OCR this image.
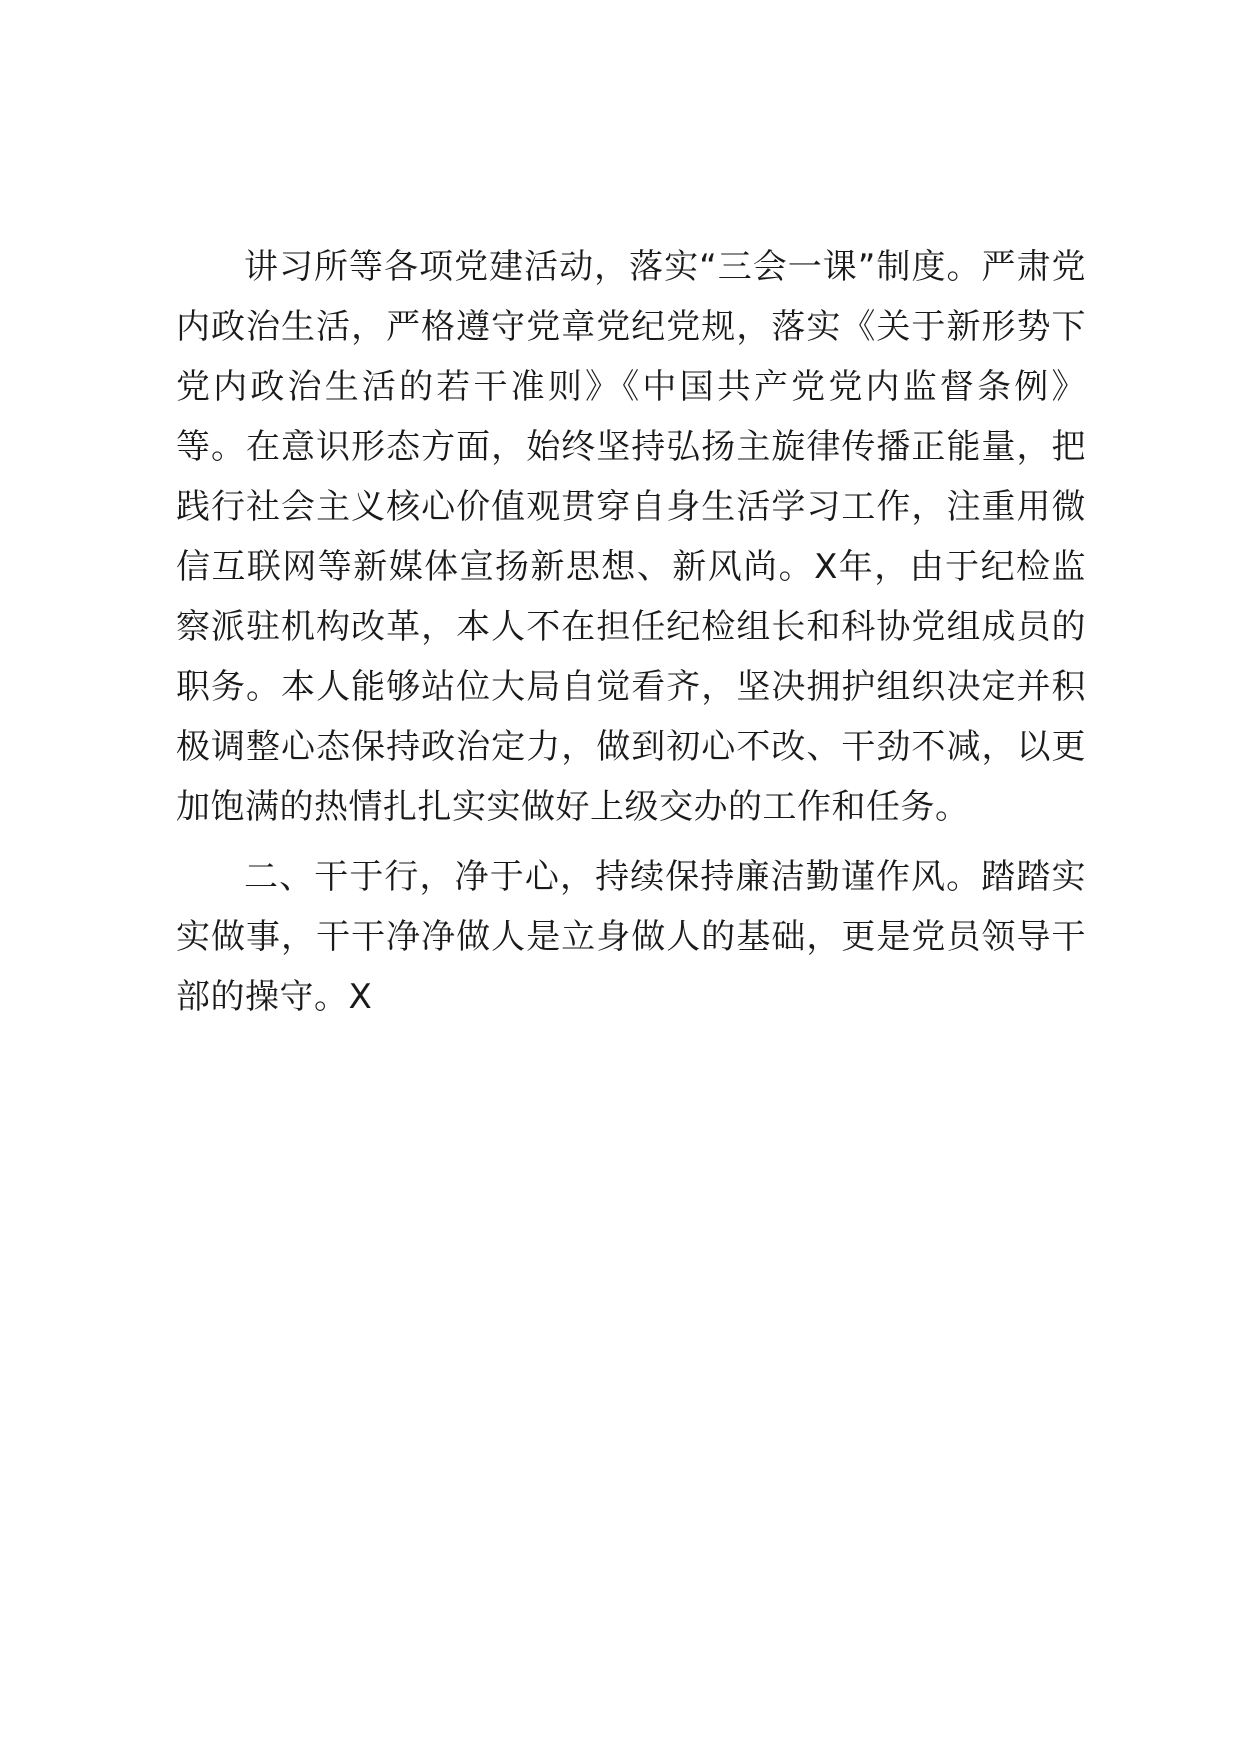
讲习所等各项党建活动，落实“三会一课”制度。严肃党内政治生活，严格遵守党章党纪党规，落实《关于新形势下党内政治生活的若干准则》《中国共产党党内监督条例》等。在意识形态方面，始终坚持弘扬主旋律传播正能量，把践行社会主义核心价值观贯穿自身生活学习工作，注重用微信互联网等新媒体宣扬新思想、新风尚。X年，由于纪检监察派驻机构改革，本人不在担任纪检组长和科协党组成员的职务。本人能够站位大局自觉看齐，坚决拥护组织决定并积极调整心态保持政治定力，做到初心不改、干劲不减，以更加饱满的热情扎扎实实做好上级交办的工作和任务。

二、干于行，净于心，持续保持廉洁勤谨作风。踏踏实实做事，干干净净做人是立身做人的基础，更是党员领导干部的操守。X
